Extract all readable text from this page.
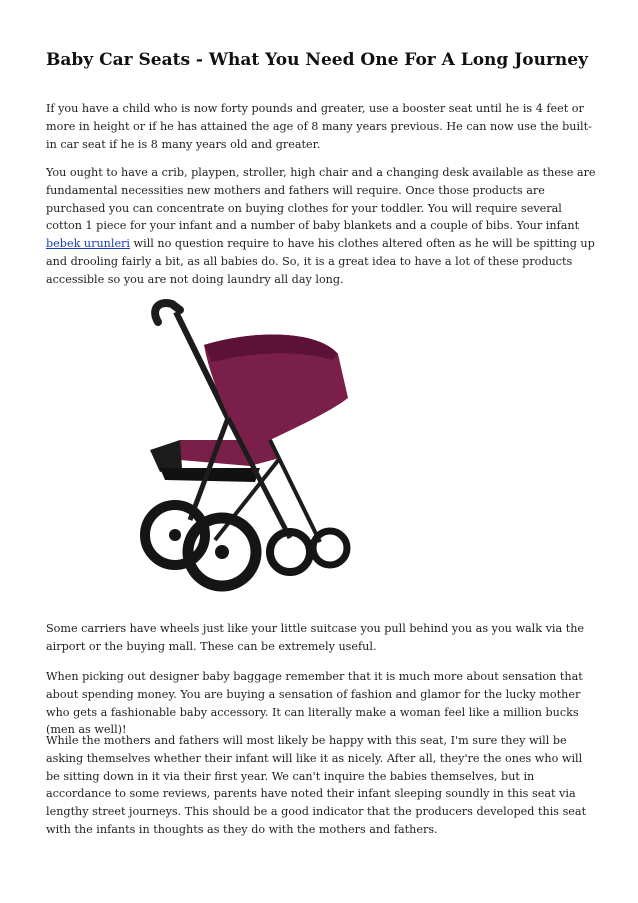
Baby Car Seats - What You Need One For A Long Journey

If you have a child who is now forty pounds and greater, use a booster seat until he is 4 feet or more in height or if he has attained the age of 8 many years previous. He can now use the built-in car seat if he is 8 many years old and greater.

You ought to have a crib, playpen, stroller, high chair and a changing desk available as these are fundamental necessities new mothers and fathers will require. Once those products are purchased you can concentrate on buying clothes for your toddler. You will require several cotton 1 piece for your infant and a number of baby blankets and a couple of bibs. Your infant bebek urunleri will no question require to have his clothes altered often as he will be spitting up and drooling fairly a bit, as all babies do. So, it is a great idea to have a lot of these products accessible so you are not doing laundry all day long.

Some carriers have wheels just like your little suitcase you pull behind you as you walk via the airport or the buying mall. These can be extremely useful.

When picking out designer baby baggage remember that it is much more about sensation that about spending money. You are buying a sensation of fashion and glamor for the lucky mother who gets a fashionable baby accessory. It can literally make a woman feel like a million bucks (men as well)!

While the mothers and fathers will most likely be happy with this seat, I'm sure they will be asking themselves whether their infant will like it as nicely. After all, they're the ones who will be sitting down in it via their first year. We can't inquire the babies themselves, but in accordance to some reviews, parents have noted their infant sleeping soundly in this seat via lengthy street journeys. This should be a good indicator that the producers developed this seat with the infants in thoughts as they do with the mothers and fathers.
